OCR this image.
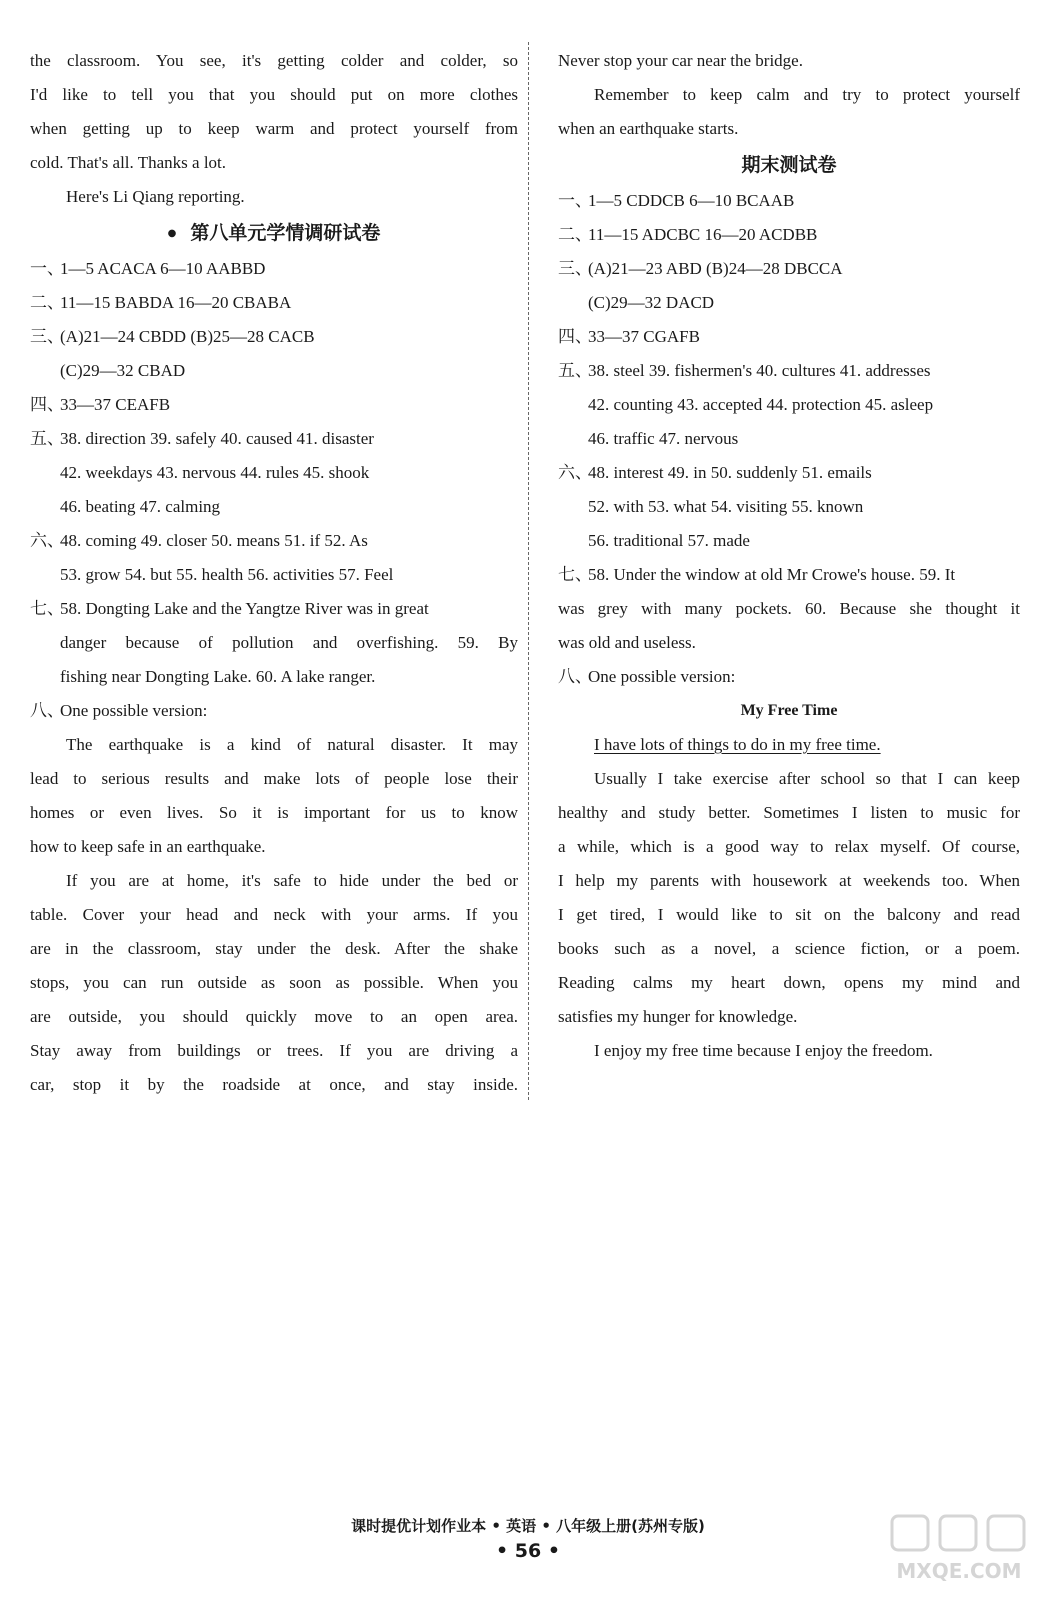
the classroom. You see, it's getting colder and colder, so
I'd like to tell you that you should put on more clothes
when getting up to keep warm and protect yourself from
cold. That's all. Thanks a lot.
Here's Li Qiang reporting.
● 第八单元学情调研试卷
一、1—5 ACACA 6—10 AABBD
二、11—15 BABDA 16—20 CBABA
三、(A)21—24 CBDD (B)25—28 CACB
(C)29—32 CBAD
四、33—37 CEAFB
五、38. direction 39. safely 40. caused 41. disaster
42. weekdays 43. nervous 44. rules 45. shook
46. beating 47. calming
六、48. coming 49. closer 50. means 51. if 52. As
53. grow 54. but 55. health 56. activities 57. Feel
七、58. Dongting Lake and the Yangtze River was in great
danger because of pollution and overfishing. 59. By
fishing near Dongting Lake. 60. A lake ranger.
八、One possible version:
The earthquake is a kind of natural disaster. It may
lead to serious results and make lots of people lose their
homes or even lives. So it is important for us to know
how to keep safe in an earthquake.
If you are at home, it's safe to hide under the bed or
table. Cover your head and neck with your arms. If you
are in the classroom, stay under the desk. After the shake
stops, you can run outside as soon as possible. When you
are outside, you should quickly move to an open area.
Stay away from buildings or trees. If you are driving a
car, stop it by the roadside at once, and stay inside.
Never stop your car near the bridge.
Remember to keep calm and try to protect yourself
when an earthquake starts.
期末测试卷
一、1—5 CDDCB 6—10 BCAAB
二、11—15 ADCBC 16—20 ACDBB
三、(A)21—23 ABD (B)24—28 DBCCA
(C)29—32 DACD
四、33—37 CGAFB
五、38. steel 39. fishermen's 40. cultures 41. addresses
42. counting 43. accepted 44. protection 45. asleep
46. traffic 47. nervous
六、48. interest 49. in 50. suddenly 51. emails
52. with 53. what 54. visiting 55. known
56. traditional 57. made
七、58. Under the window at old Mr Crowe's house. 59. It
was grey with many pockets. 60. Because she thought it
was old and useless.
八、One possible version:
My Free Time
I have lots of things to do in my free time.
Usually I take exercise after school so that I can keep
healthy and study better. Sometimes I listen to music for
a while, which is a good way to relax myself. Of course,
I help my parents with housework at weekends too. When
I get tired, I would like to sit on the balcony and read
books such as a novel, a science fiction, or a poem.
Reading calms my heart down, opens my mind and
satisfies my hunger for knowledge.
I enjoy my free time because I enjoy the freedom.
课时提优计划作业本 • 英语 • 八年级上册(苏州专版)
• 56 •
MXQE.COM
